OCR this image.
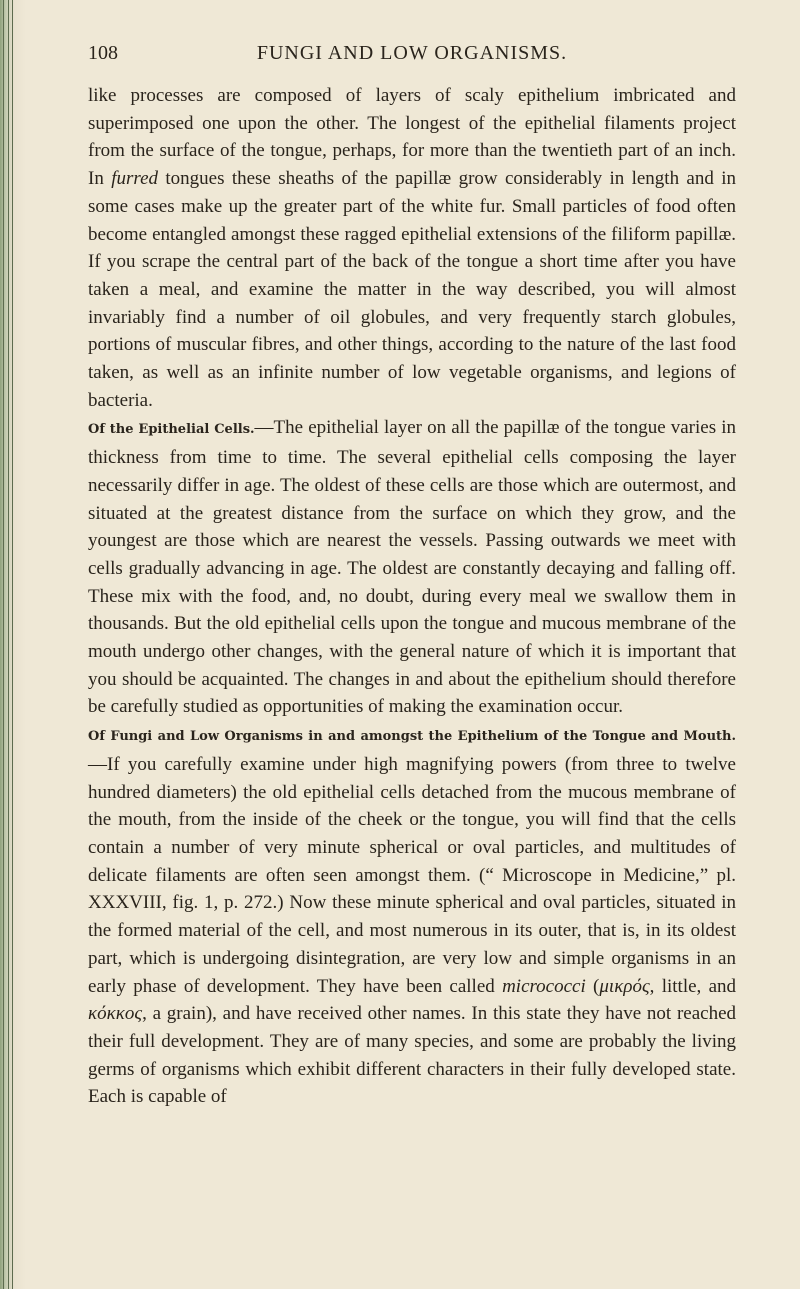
108	FUNGI AND LOW ORGANISMS.

like processes are composed of layers of scaly epithelium imbricated and superimposed one upon the other. The longest of the epithelial filaments project from the surface of the tongue, perhaps, for more than the twentieth part of an inch. In furred tongues these sheaths of the papillæ grow considerably in length and in some cases make up the greater part of the white fur. Small particles of food often become entangled amongst these ragged epithelial extensions of the filiform papillæ. If you scrape the central part of the back of the tongue a short time after you have taken a meal, and examine the matter in the way described, you will almost invariably find a number of oil globules, and very frequently starch globules, portions of muscular fibres, and other things, according to the nature of the last food taken, as well as an infinite number of low vegetable organisms, and legions of bacteria.

Of the Epithelial Cells.—The epithelial layer on all the papillæ of the tongue varies in thickness from time to time. The several epithelial cells composing the layer necessarily differ in age. The oldest of these cells are those which are outermost, and situated at the greatest distance from the surface on which they grow, and the youngest are those which are nearest the vessels. Passing outwards we meet with cells gradually advancing in age. The oldest are constantly decaying and falling off. These mix with the food, and, no doubt, during every meal we swallow them in thousands. But the old epithelial cells upon the tongue and mucous membrane of the mouth undergo other changes, with the general nature of which it is important that you should be acquainted. The changes in and about the epithelium should therefore be carefully studied as opportunities of making the examination occur.

Of Fungi and Low Organisms in and amongst the Epithelium of the Tongue and Mouth.—If you carefully examine under high magnifying powers (from three to twelve hundred diameters) the old epithelial cells detached from the mucous membrane of the mouth, from the inside of the cheek or the tongue, you will find that the cells contain a number of very minute spherical or oval particles, and multitudes of delicate filaments are often seen amongst them. (“ Microscope in Medicine,” pl. XXXVIII, fig. 1, p. 272.) Now these minute spherical and oval particles, situated in the formed material of the cell, and most numerous in its outer, that is, in its oldest part, which is undergoing disintegration, are very low and simple organisms in an early phase of development. They have been called micrococci (μικρός, little, and κόκκος, a grain), and have received other names. In this state they have not reached their full development. They are of many species, and some are probably the living germs of organisms which exhibit different characters in their fully developed state. Each is capable of
